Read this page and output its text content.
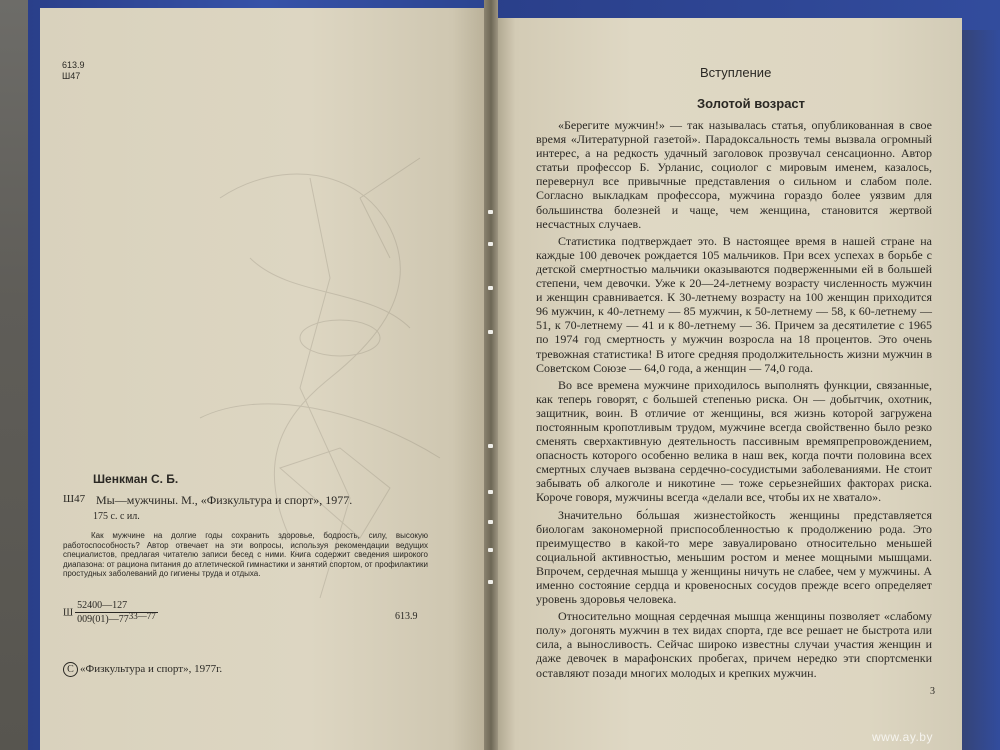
613.9
Ш47
Шенкман С. Б.
Ш47 Мы—мужчины. М., «Физкультура и спорт», 1977.
175 с. с ил.

Как мужчине на долгие годы сохранить здоровье, бодрость, силу, высокую работоспособность? Автор отвечает на эти вопросы, используя рекомендации ведущих специалистов, предлагая читателю записи бесед с ними. Книга содержит сведения широкого диапазона: от рациона питания до атлетической гимнастики и занятий спортом, от профилактики простудных заболеваний до гигиены труда и отдыха.

Ш $\frac{52400—127}{009(01)—7733—77}$	613.9
C «Физкультура и спорт», 1977г.
Вступление
Золотой возраст

«Берегите мужчин!» — так называлась статья, опубликованная в свое время «Литературной газетой». Парадоксальность темы вызвала огромный интерес, а на редкость удачный заголовок прозвучал сенсационно. Автор статьи профессор Б. Урланис, социолог с мировым именем, казалось, перевернул все привычные представления о сильном и слабом поле. Согласно выкладкам профессора, мужчина гораздо более уязвим для большинства болезней и чаще, чем женщина, становится жертвой несчастных случаев.

Статистика подтверждает это. В настоящее время в нашей стране на каждые 100 девочек рождается 105 мальчиков. При всех успехах в борьбе с детской смертностью мальчики оказываются подверженными ей в большей степени, чем девочки. Уже к 20—24-летнему возрасту численность мужчин и женщин сравнивается. К 30-летнему возрасту на 100 женщин приходится 96 мужчин, к 40-летнему — 85 мужчин, к 50-летнему — 58, к 60-летнему — 51, к 70-летнему — 41 и к 80-летнему — 36. Причем за десятилетие с 1965 по 1974 год смертность у мужчин возросла на 18 процентов. Это очень тревожная статистика! В итоге средняя продолжительность жизни мужчин в Советском Союзе — 64,0 года, а женщин — 74,0 года.

Во все времена мужчине приходилось выполнять функции, связанные, как теперь говорят, с большей степенью риска. Он — добытчик, охотник, защитник, воин. В отличие от женщины, вся жизнь которой загружена постоянным кропотливым трудом, мужчине всегда свойственно было резко сменять сверхактивную деятельность пассивным времяпрепровождением, опасность которого особенно велика в наш век, когда почти половина всех смертных случаев вызвана сердечно-сосудистыми заболеваниями. Не стоит забывать об алкоголе и никотине — тоже серьезнейших факторах риска. Короче говоря, мужчины всегда «делали все, чтобы их не хватало».

Значительно бо́льшая жизнестойкость женщины представляется биологам закономерной приспособленностью к продолжению рода. Это преимущество в какой-то мере завуалировано относительно меньшей социальной активностью, меньшим ростом и менее мощными мышцами. Впрочем, сердечная мышца у женщины ничуть не слабее, чем у мужчины. А именно состояние сердца и кровеносных сосудов прежде всего определяет уровень здоровья человека.

Относительно мощная сердечная мышца женщины позволяет «слабому полу» догонять мужчин в тех видах спорта, где все решает не быстрота или сила, а выносливость. Сейчас широко известны случаи участия женщин и даже девочек в марафонских пробегах, причем нередко эти спортсменки оставляют позади многих молодых и крепких мужчин.

3
www.ay.by
